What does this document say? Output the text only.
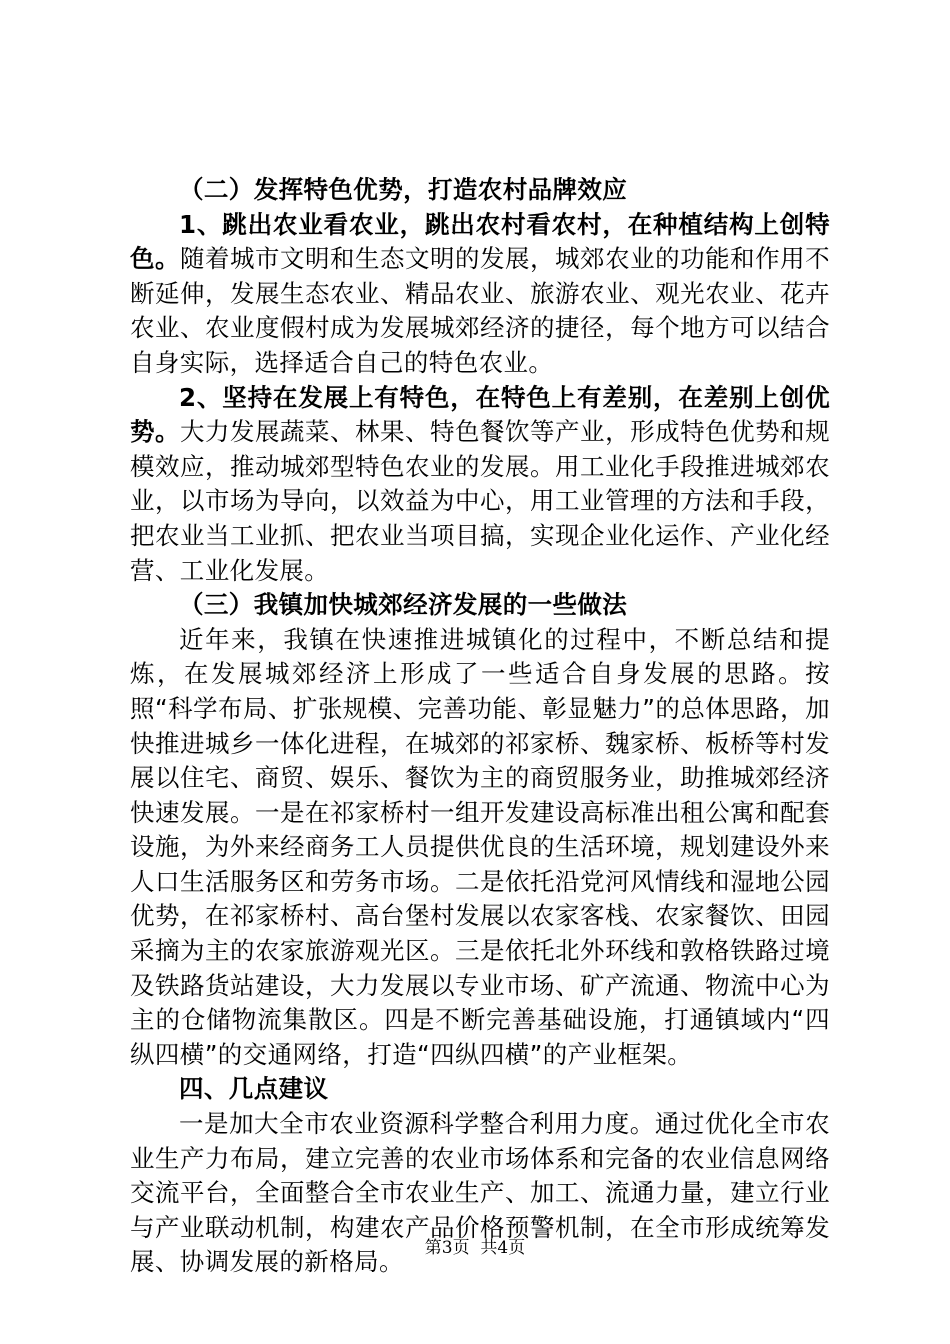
（二）发挥特色优势，打造农村品牌效应

1、跳出农业看农业，跳出农村看农村，在种植结构上创特色。随着城市文明和生态文明的发展，城郊农业的功能和作用不断延伸，发展生态农业、精品农业、旅游农业、观光农业、花卉农业、农业度假村成为发展城郊经济的捷径，每个地方可以结合自身实际，选择适合自己的特色农业。

2、坚持在发展上有特色，在特色上有差别，在差别上创优势。大力发展蔬菜、林果、特色餐饮等产业，形成特色优势和规模效应，推动城郊型特色农业的发展。用工业化手段推进城郊农业，以市场为导向，以效益为中心，用工业管理的方法和手段，把农业当工业抓、把农业当项目搞，实现企业化运作、产业化经营、工业化发展。

（三）我镇加快城郊经济发展的一些做法

近年来，我镇在快速推进城镇化的过程中，不断总结和提炼，在发展城郊经济上形成了一些适合自身发展的思路。按照“科学布局、扩张规模、完善功能、彰显魅力”的总体思路，加快推进城乡一体化进程，在城郊的祁家桥、魏家桥、板桥等村发展以住宅、商贸、娱乐、餐饮为主的商贸服务业，助推城郊经济快速发展。一是在祁家桥村一组开发建设高标准出租公寓和配套设施，为外来经商务工人员提供优良的生活环境，规划建设外来人口生活服务区和劳务市场。二是依托沿党河风情线和湿地公园优势，在祁家桥村、高台堡村发展以农家客栈、农家餐饮、田园采摘为主的农家旅游观光区。三是依托北外环线和敦格铁路过境及铁路货站建设，大力发展以专业市场、矿产流通、物流中心为主的仓储物流集散区。四是不断完善基础设施，打通镇域内“四纵四横”的交通网络，打造“四纵四横”的产业框架。

四、几点建议

一是加大全市农业资源科学整合利用力度。通过优化全市农业生产力布局，建立完善的农业市场体系和完备的农业信息网络交流平台，全面整合全市农业生产、加工、流通力量，建立行业与产业联动机制，构建农产品价格预警机制，在全市形成统筹发展、协调发展的新格局。	第3页  共4页
